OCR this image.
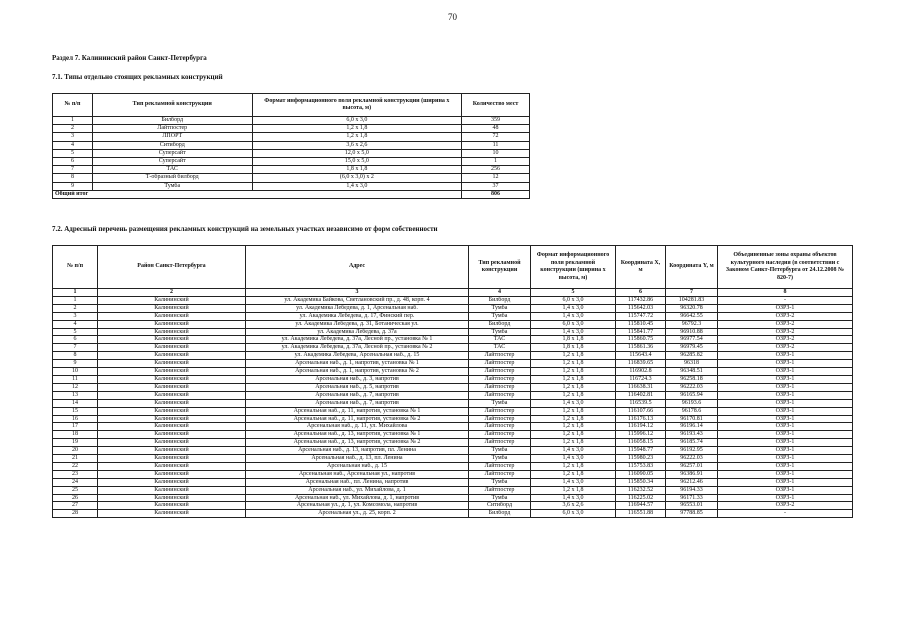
70
Раздел 7. Калининский район Санкт-Петербурга
7.1. Типы отдельно стоящих рекламных конструкций
№ п/п	Тип рекламной конструкции	Формат информационного поля рекламной конструкции (ширина х высота, м)	Количество мест
1	Билборд	6,0 х 3,0	359
2	Лайтпостер	1,2 х 1,8	48
3	ЛПОРТ	1,2 х 1,8	72
4	Ситиборд	3,6 х 2,6	11
5	Суперсайт	12,0 х 5,0	10
6	Суперсайт	15,0 х 5,0	1
7	ТАС	1,8 х 1,8	256
8	Т-образный билборд	(6,0 х 3,0) х 2	12
9	Тумба	1,4 х 3,0	37
Общий итог			806
7.2. Адресный перечень размещения рекламных конструкций на земельных участках независимо от форм собственности
№ п/п	Район Санкт-Петербурга	Адрес	Тип рекламной конструкции	Формат информационного поля рекламной конструкции (ширина х высота, м)	Координата X, м	Координата Y, м	Объединенные зоны охраны объектов культурного наследия (в соответствии с Законом Санкт-Петербурга от 24.12.2008 № 820-7)
1	2	3	4	5	6	7	8
1	Калининский	ул. Академика Байкова, Светлановский пр., д. 48, корп. 4	Билборд	6,0 х 3,0	117432.86	104281.83	-
2	Калининский	ул. Академика Лебедева, д. 1, Арсенальная наб.	Тумба	1,4 х 3,0	115642.03	96320.78	ОЗРЗ-1
3	Калининский	ул. Академика Лебедева, д. 17, Финский пер.	Тумба	1,4 х 3,0	115747.72	96642.55	ОЗРЗ-2
4	Калининский	ул. Академика Лебедева, д. 31, Ботаническая ул.	Билборд	6,0 х 3,0	115810.45	96792.3	ОЗРЗ-2
5	Калининский	ул. Академика Лебедева, д. 37а	Тумба	1,4 х 3,0	115841.77	96910.88	ОЗРЗ-2
6	Калининский	ул. Академика Лебедева, д. 37а, Лесной пр., установка № 1	ТАС	1,8 х 1,8	115860.75	96977.54	ОЗРЗ-2
7	Калининский	ул. Академика Лебедева, д. 37а, Лесной пр., установка № 2	ТАС	1,8 х 1,8	115861.36	96979.45	ОЗРЗ-2
8	Калининский	ул. Академика Лебедева, Арсенальная наб., д. 15	Лайтпостер	1,2 х 1,8	115643.4	96285.82	ОЗРЗ-1
9	Калининский	Арсенальная наб., д. 1, напротив, установка № 1	Лайтпостер	1,2 х 1,8	116839.65	96318	ОЗРЗ-1
10	Калининский	Арсенальная наб., д. 1, напротив, установка № 2	Лайтпостер	1,2 х 1,8	116902.8	96348.51	ОЗРЗ-1
11	Калининский	Арсенальная наб., д. 3, напротив	Лайтпостер	1,2 х 1,8	116724.3	96258.18	ОЗРЗ-1
12	Калининский	Арсенальная наб., д. 5, напротив	Лайтпостер	1,2 х 1,8	116638.31	96222.03	ОЗРЗ-1
13	Калининский	Арсенальная наб., д. 7, напротив	Лайтпостер	1,2 х 1,8	116402.81	96165.94	ОЗРЗ-1
14	Калининский	Арсенальная наб., д. 7, напротив	Тумба	1,4 х 3,0	116539.5	96193.6	ОЗРЗ-1
15	Калининский	Арсенальная наб., д. 11, напротив, установка № 1	Лайтпостер	1,2 х 1,8	116107.66	96178.6	ОЗРЗ-1
16	Калининский	Арсенальная наб., д. 11, напротив, установка № 2	Лайтпостер	1,2 х 1,8	116176.13	96170.81	ОЗРЗ-1
17	Калининский	Арсенальная наб., д. 11, ул. Михайлова	Лайтпостер	1,2 х 1,8	116194.12	96196.14	ОЗРЗ-1
18	Калининский	Арсенальная наб., д. 13, напротив, установка № 1	Лайтпостер	1,2 х 1,8	115996.12	96193.43	ОЗРЗ-1
19	Калининский	Арсенальная наб., д. 13, напротив, установка № 2	Лайтпостер	1,2 х 1,8	116058.15	96185.74	ОЗРЗ-1
20	Калининский	Арсенальная наб., д. 13, напротив, пл. Ленина	Тумба	1,4 х 3,0	115948.77	96192.95	ОЗРЗ-1
21	Калининский	Арсенальная наб., д. 13, пл. Ленина	Тумба	1,4 х 3,0	115980.23	96222.03	ОЗРЗ-1
22	Калининский	Арсенальная наб., д. 15	Лайтпостер	1,2 х 1,8	115753.83	96257.01	ОЗРЗ-1
23	Калининский	Арсенальная наб., Арсенальная ул., напротив	Лайтпостер	1,2 х 1,8	116090.05	96386.91	ОЗРЗ-1
24	Калининский	Арсенальная наб., пл. Ленина, напротив	Тумба	1,4 х 3,0	115850.34	96212.46	ОЗРЗ-1
25	Калининский	Арсенальная наб., ул. Михайлова, д. 1	Лайтпостер	1,2 х 1,8	116232.52	96194.33	ОЗРЗ-1
26	Калининский	Арсенальная наб., ул. Михайлова, д. 1, напротив	Тумба	1,4 х 3,0	116225.02	96171.33	ОЗРЗ-1
27	Калининский	Арсенальная ул., д. 1, ул. Комсомола, напротив	Ситиборд	3,6 х 2,6	116944.57	96553.01	ОЗРЗ-2
28	Калининский	Арсенальная ул., д. 25, корп. 2	Билборд	6,0 х 3,0	116551.88	97788.85	-
